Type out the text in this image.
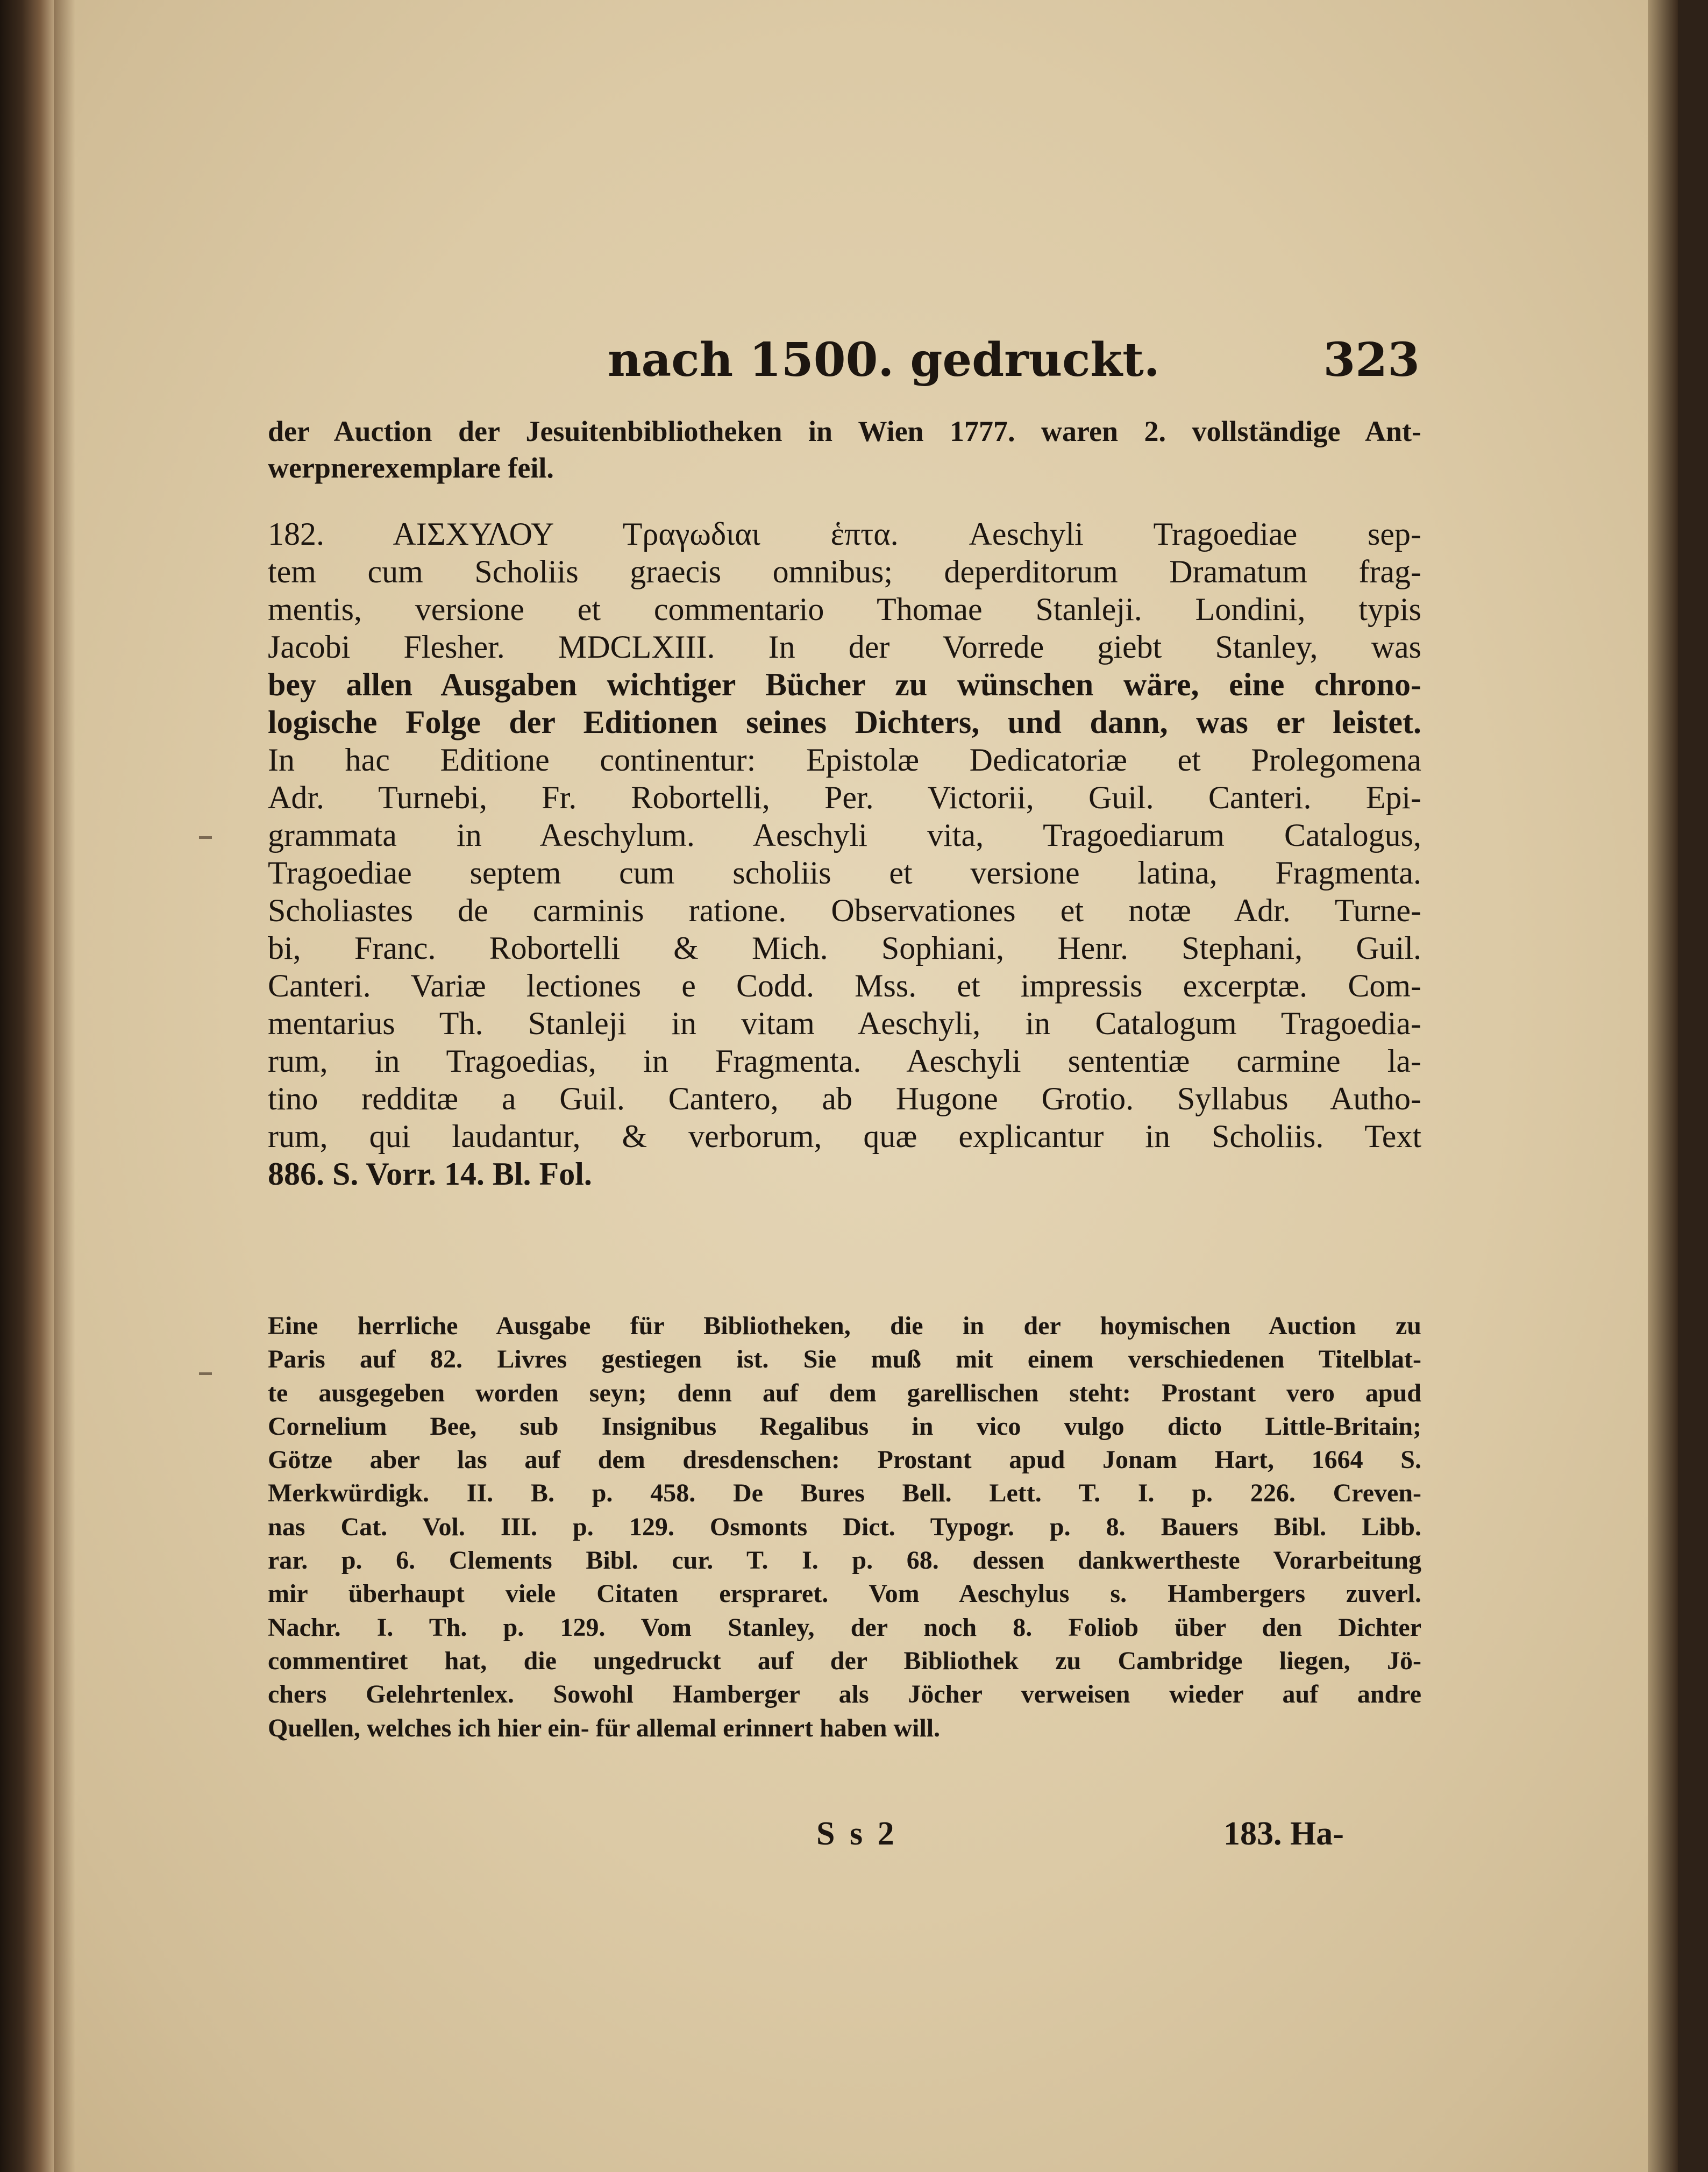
nach 1500. gedruckt.	323
der Auction der Jesuitenbibliotheken in Wien 1777. waren 2. vollständige Ant-
werpnerexemplare feil.
182. ΑΙΣΧΥΛΟΥ Τραγωδιαι ἑπτα. Aeschyli Tragoediae sep-
tem cum Scholiis graecis omnibus; deperditorum Dramatum frag-
mentis, versione et commentario Thomae Stanleji. Londini, typis
Jacobi Flesher. MDCLXIII. In der Vorrede giebt Stanley, was
bey allen Ausgaben wichtiger Bücher zu wünschen wäre, eine chrono-
logische Folge der Editionen seines Dichters, und dann, was er leistet.
In hac Editione continentur: Epistolæ Dedicatoriæ et Prolegomena
Adr. Turnebi, Fr. Robortelli, Per. Victorii, Guil. Canteri. Epi-
grammata in Aeschylum. Aeschyli vita, Tragoediarum Catalogus,
Tragoediae septem cum scholiis et versione latina, Fragmenta.
Scholiastes de carminis ratione. Observationes et notæ Adr. Turne-
bi, Franc. Robortelli & Mich. Sophiani, Henr. Stephani, Guil.
Canteri. Variæ lectiones e Codd. Mss. et impressis excerptæ. Com-
mentarius Th. Stanleji in vitam Aeschyli, in Catalogum Tragoedia-
rum, in Tragoedias, in Fragmenta. Aeschyli sententiæ carmine la-
tino redditæ a Guil. Cantero, ab Hugone Grotio. Syllabus Autho-
rum, qui laudantur, & verborum, quæ explicantur in Scholiis. Text
886. S. Vorr. 14. Bl. Fol.
Eine herrliche Ausgabe für Bibliotheken, die in der hoymischen Auction zu
Paris auf 82. Livres gestiegen ist. Sie muß mit einem verschiedenen Titelblat-
te ausgegeben worden seyn; denn auf dem garellischen steht: Prostant vero apud
Cornelium Bee, sub Insignibus Regalibus in vico vulgo dicto Little-Britain;
Götze aber las auf dem dresdenschen: Prostant apud Jonam Hart, 1664 S.
Merkwürdigk. II. B. p. 458. De Bures Bell. Lett. T. I. p. 226. Creven-
nas Cat. Vol. III. p. 129. Osmonts Dict. Typogr. p. 8. Bauers Bibl. Libb.
rar. p. 6. Clements Bibl. cur. T. I. p. 68. dessen dankwertheste Vorarbeitung
mir überhaupt viele Citaten erspraret. Vom Aeschylus s. Hambergers zuverl.
Nachr. I. Th. p. 129. Vom Stanley, der noch 8. Foliob über den Dichter
commentiret hat, die ungedruckt auf der Bibliothek zu Cambridge liegen, Jö-
chers Gelehrtenlex. Sowohl Hamberger als Jöcher verweisen wieder auf andre
Quellen, welches ich hier ein- für allemal erinnert haben will.
S s 2	183. Ha-
